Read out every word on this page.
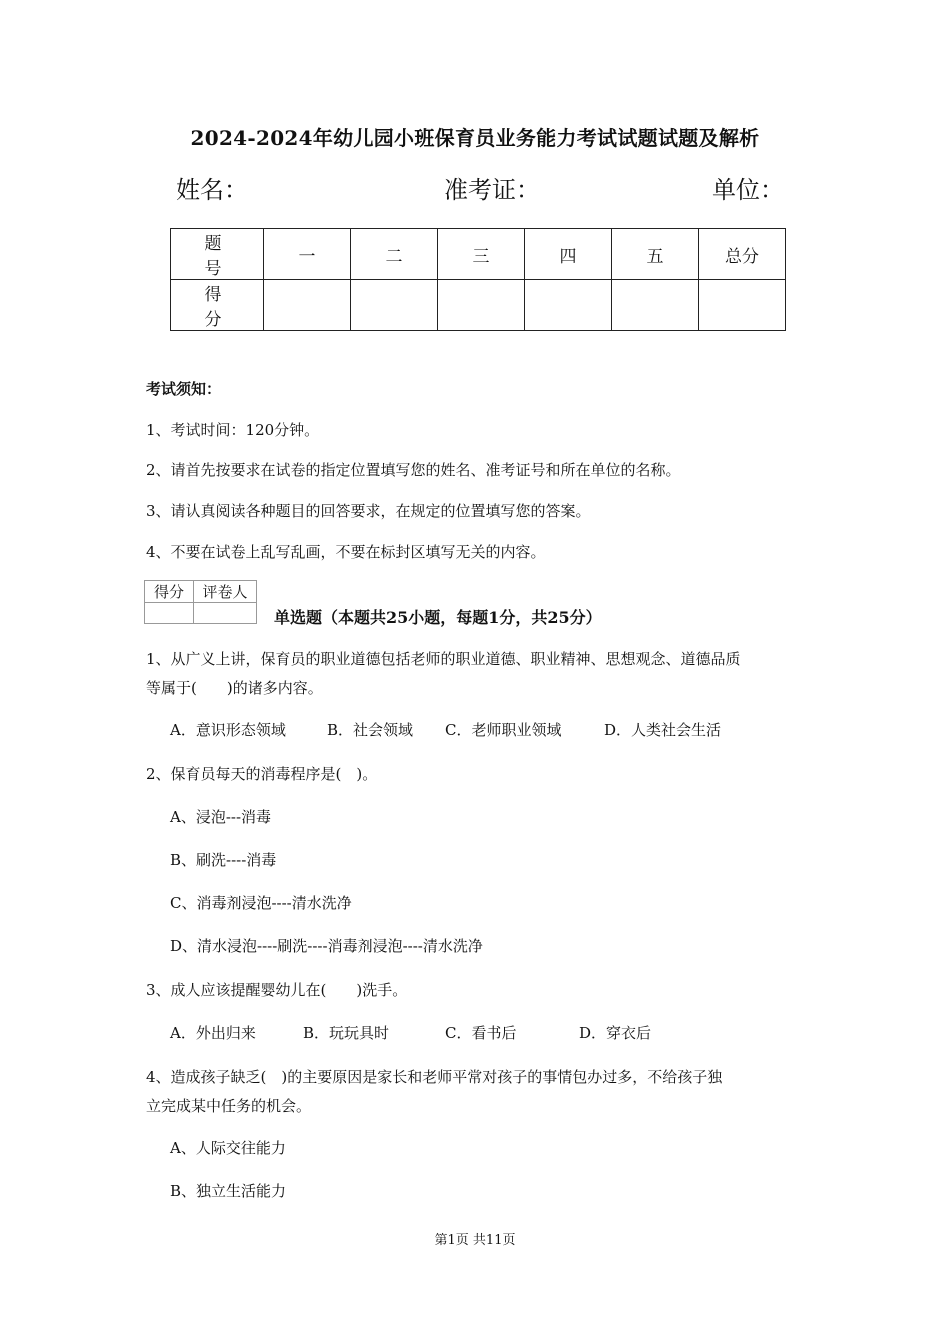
2024-2024年幼儿园小班保育员业务能力考试试题试题及解析
姓名：	准考证：	单位：
题　号	一	二	三	四	五	总分
得　分						
考试须知：
1、考试时间：120分钟。
2、请首先按要求在试卷的指定位置填写您的姓名、准考证号和所在单位的名称。
3、请认真阅读各种题目的回答要求，在规定的位置填写您的答案。
4、不要在试卷上乱写乱画，不要在标封区填写无关的内容。
得分	评卷人

单选题（本题共25小题，每题1分，共25分）
1、从广义上讲，保育员的职业道德包括老师的职业道德、职业精神、思想观念、道德品质
等属于(　　)的诸多内容。
A．意识形态领域	B．社会领域 C．老师职业领域	D．人类社会生活
2、保育员每天的消毒程序是(　)。
A、浸泡---消毒
B、刷洗----消毒
C、消毒剂浸泡----清水洗净
D、清水浸泡----刷洗----消毒剂浸泡----清水洗净
3、成人应该提醒婴幼儿在(　　)洗手。
A．外出归来	B．玩玩具时	C．看书后	D．穿衣后
4、造成孩子缺乏(　)的主要原因是家长和老师平常对孩子的事情包办过多，不给孩子独
立完成某中任务的机会。
A、人际交往能力
B、独立生活能力
第1页 共11页
